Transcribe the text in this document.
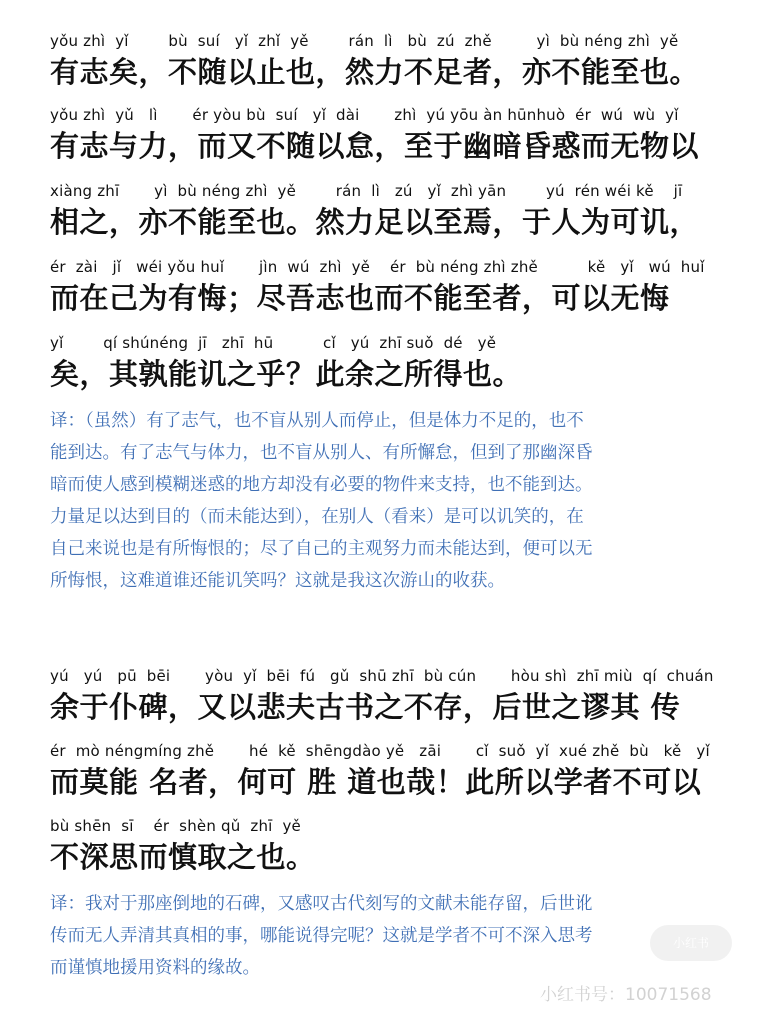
yǒu zhì  yǐ        bù  suí   yǐ  zhǐ  yě        rán  lì   bù  zú  zhě         yì  bù néng zhì  yě
有志矣，不随以止也，然力不足者，亦不能至也。
yǒu zhì  yǔ   lì       ér yòu bù  suí   yǐ  dài       zhì  yú yōu àn hūnhuò  ér  wú  wù  yǐ
有志与力，而又不随以怠，至于幽暗昏惑而无物以
xiàng zhī       yì  bù néng zhì  yě        rán  lì   zú   yǐ  zhì yān        yú  rén wéi kě    jī
相之，亦不能至也。然力足以至焉，于人为可讥，
ér  zài   jǐ   wéi yǒu huǐ       jìn  wú  zhì  yě    ér  bù néng zhì zhě          kě   yǐ   wú  huǐ
而在己为有悔；尽吾志也而不能至者，可以无悔
yǐ        qí shúnéng  jī   zhī  hū          cǐ   yú  zhī suǒ  dé   yě
矣，其孰能讥之乎？此余之所得也。
译：（虽然）有了志气，也不盲从别人而停止，但是体力不足的，也不
能到达。有了志气与体力，也不盲从别人、有所懈怠，但到了那幽深昏
暗而使人感到模糊迷惑的地方却没有必要的物件来支持，也不能到达。
力量足以达到目的（而未能达到），在别人（看来）是可以讥笑的，在
自己来说也是有所悔恨的；尽了自己的主观努力而未能达到，便可以无
所悔恨，这难道谁还能讥笑吗？这就是我这次游山的收获。
yú   yú   pū  bēi       yòu  yǐ  bēi  fú   gǔ  shū zhī  bù cún       hòu shì  zhī miù  qí  chuán
余于仆碑，又以悲夫古书之不存，后世之谬其 传
ér  mò néngmíng zhě       hé  kě  shēngdào yě   zāi       cǐ  suǒ  yǐ  xué zhě  bù   kě   yǐ
而莫能 名者，何可 胜 道也哉！此所以学者不可以
bù shēn  sī    ér  shèn qǔ  zhī  yě
不深思而慎取之也。
译：我对于那座倒地的石碑，又感叹古代刻写的文献未能存留，后世讹
传而无人弄清其真相的事，哪能说得完呢？这就是学者不可不深入思考
而谨慎地援用资料的缘故。
小红书
小红书号：10071568
